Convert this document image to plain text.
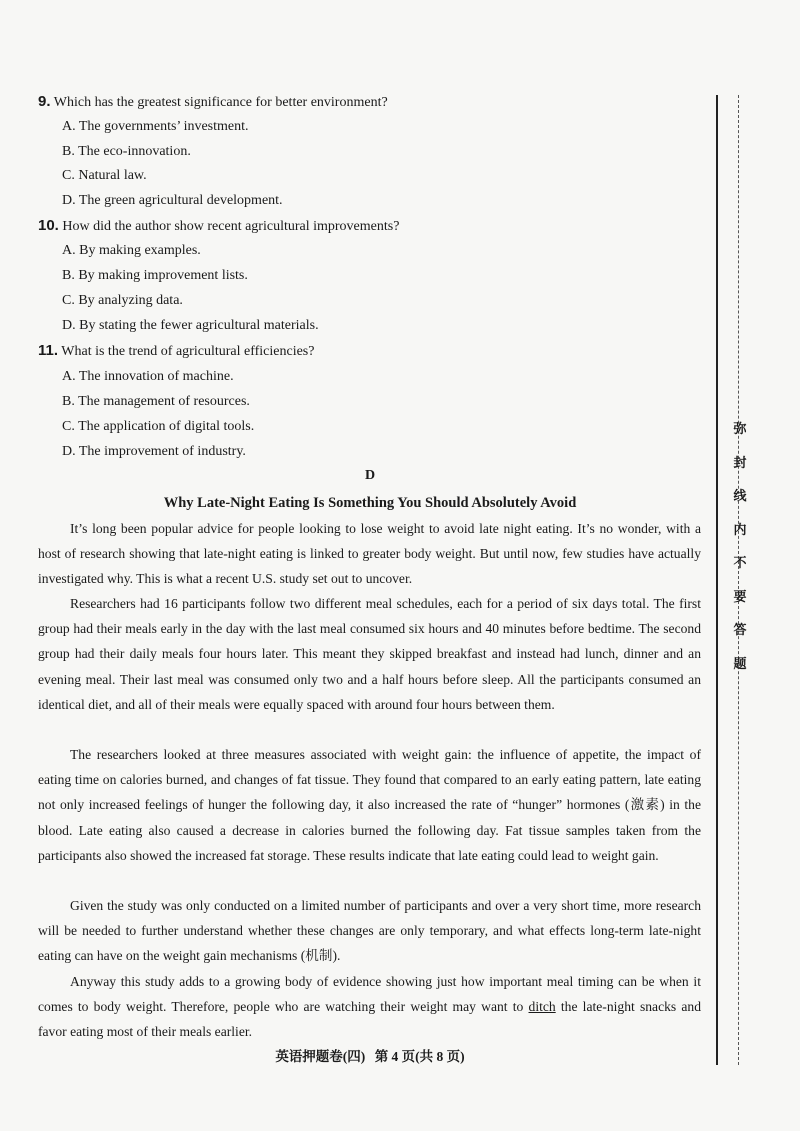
9. Which has the greatest significance for better environment?
A. The governments’ investment.
B. The eco-innovation.
C. Natural law.
D. The green agricultural development.
10. How did the author show recent agricultural improvements?
A. By making examples.
B. By making improvement lists.
C. By analyzing data.
D. By stating the fewer agricultural materials.
11. What is the trend of agricultural efficiencies?
A. The innovation of machine.
B. The management of resources.
C. The application of digital tools.
D. The improvement of industry.
D
Why Late-Night Eating Is Something You Should Absolutely Avoid
It’s long been popular advice for people looking to lose weight to avoid late night eating. It’s no wonder, with a host of research showing that late-night eating is linked to greater body weight. But until now, few studies have actually investigated why. This is what a recent U.S. study set out to uncover.
Researchers had 16 participants follow two different meal schedules, each for a period of six days total. The first group had their meals early in the day with the last meal consumed six hours and 40 minutes before bedtime. The second group had their daily meals four hours later. This meant they skipped breakfast and instead had lunch, dinner and an evening meal. Their last meal was consumed only two and a half hours before sleep. All the participants consumed an identical diet, and all of their meals were equally spaced with around four hours between them.
The researchers looked at three measures associated with weight gain: the influence of appetite, the impact of eating time on calories burned, and changes of fat tissue. They found that compared to an early eating pattern, late eating not only increased feelings of hunger the following day, it also increased the rate of “hunger” hormones (激素) in the blood. Late eating also caused a decrease in calories burned the following day. Fat tissue samples taken from the participants also showed the increased fat storage. These results indicate that late eating could lead to weight gain.
Given the study was only conducted on a limited number of participants and over a very short time, more research will be needed to further understand whether these changes are only temporary, and what effects long-term late-night eating can have on the weight gain mechanisms (机制).
Anyway this study adds to a growing body of evidence showing just how important meal timing can be when it comes to body weight. Therefore, people who are watching their weight may want to ditch the late-night snacks and favor eating most of their meals earlier.
英语押题卷(四) 第 4 页(共 8 页)
弥
封
线
内
不
要
答
题
